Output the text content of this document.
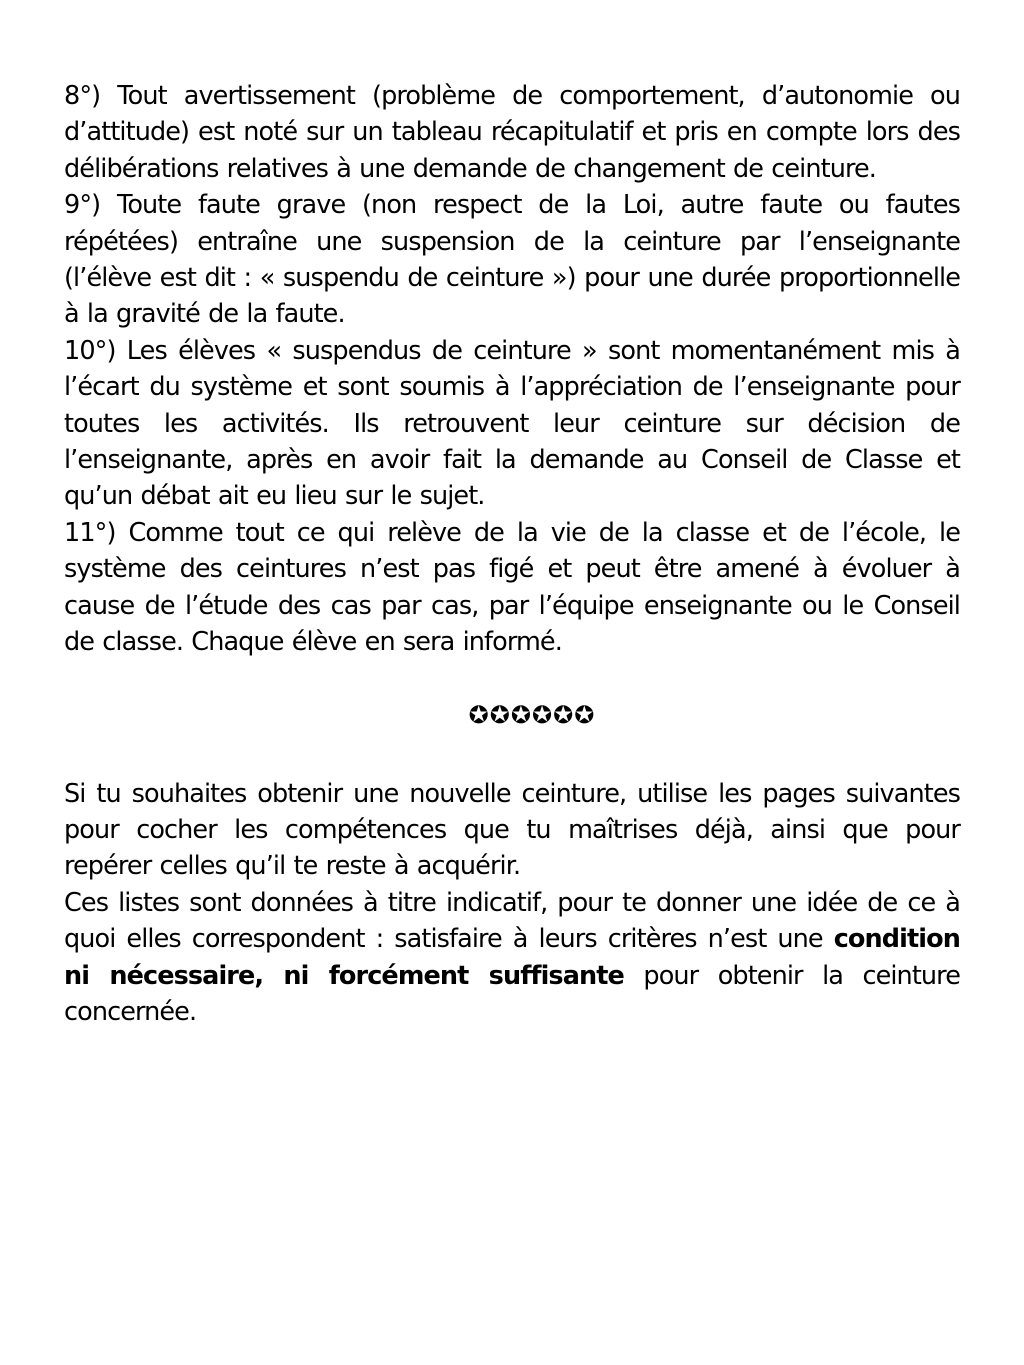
8°) Tout avertissement (problème de comportement, d’autonomie ou d’attitude) est noté sur un tableau récapitulatif et pris en compte lors des délibérations relatives à une demande de changement de ceinture.

9°) Toute faute grave (non respect de la Loi, autre faute ou fautes répétées) entraîne une suspension de la ceinture par l’enseignante (l’élève est dit : « suspendu de ceinture ») pour une durée proportionnelle à la gravité de la faute.

10°) Les élèves « suspendus de ceinture » sont momentanément mis à l’écart du système et sont soumis à l’appréciation de l’enseignante pour toutes les activités. Ils retrouvent leur ceinture sur décision de l’enseignante, après en avoir fait la demande au Conseil de Classe et qu’un débat ait eu lieu sur le sujet.

11°) Comme tout ce qui relève de la vie de la classe et de l’école, le système des ceintures n’est pas figé et peut être amené à évoluer à cause de l’étude des cas par cas, par l’équipe enseignante ou le Conseil de classe. Chaque élève en sera informé.

✪✪✪✪✪✪

Si tu souhaites obtenir une nouvelle ceinture, utilise les pages suivantes pour cocher les compétences que tu maîtrises déjà, ainsi que pour repérer celles qu’il te reste à acquérir.

Ces listes sont données à titre indicatif, pour te donner une idée de ce à quoi elles correspondent : satisfaire à leurs critères n’est une condition ni nécessaire, ni forcément suffisante pour obtenir la ceinture concernée.
